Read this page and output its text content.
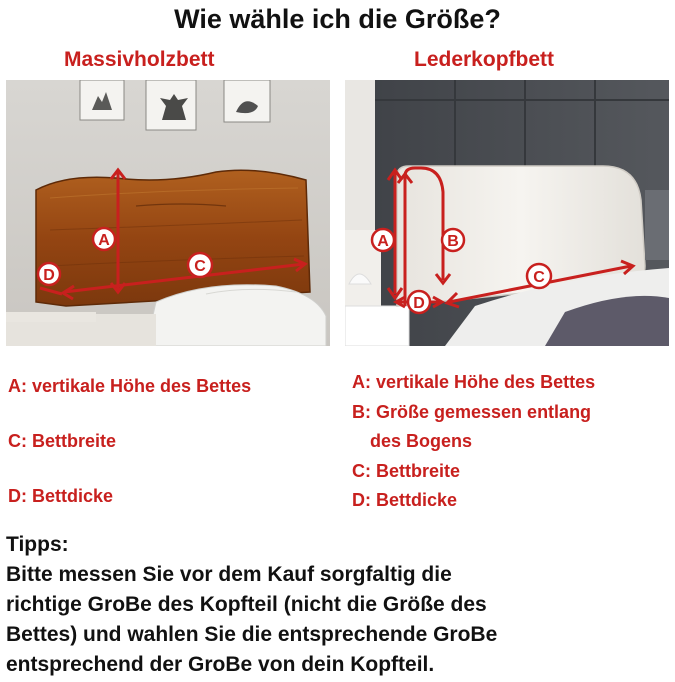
Wie wähle ich die Größe?
Massivholzbett	Lederkopfbett
A
C
D
A	B
C
D
A: vertikale Höhe des Bettes
C: Bettbreite
D: Bettdicke
A: vertikale Höhe des Bettes
B: Größe gemessen entlang
des Bogens
C: Bettbreite
D: Bettdicke
Tipps:
Bitte messen Sie vor dem Kauf sorgfaltig die
richtige GroBe des Kopfteil (nicht die Größe des
Bettes) und wahlen Sie die entsprechende GroBe
entsprechend der GroBe von dein Kopfteil.
